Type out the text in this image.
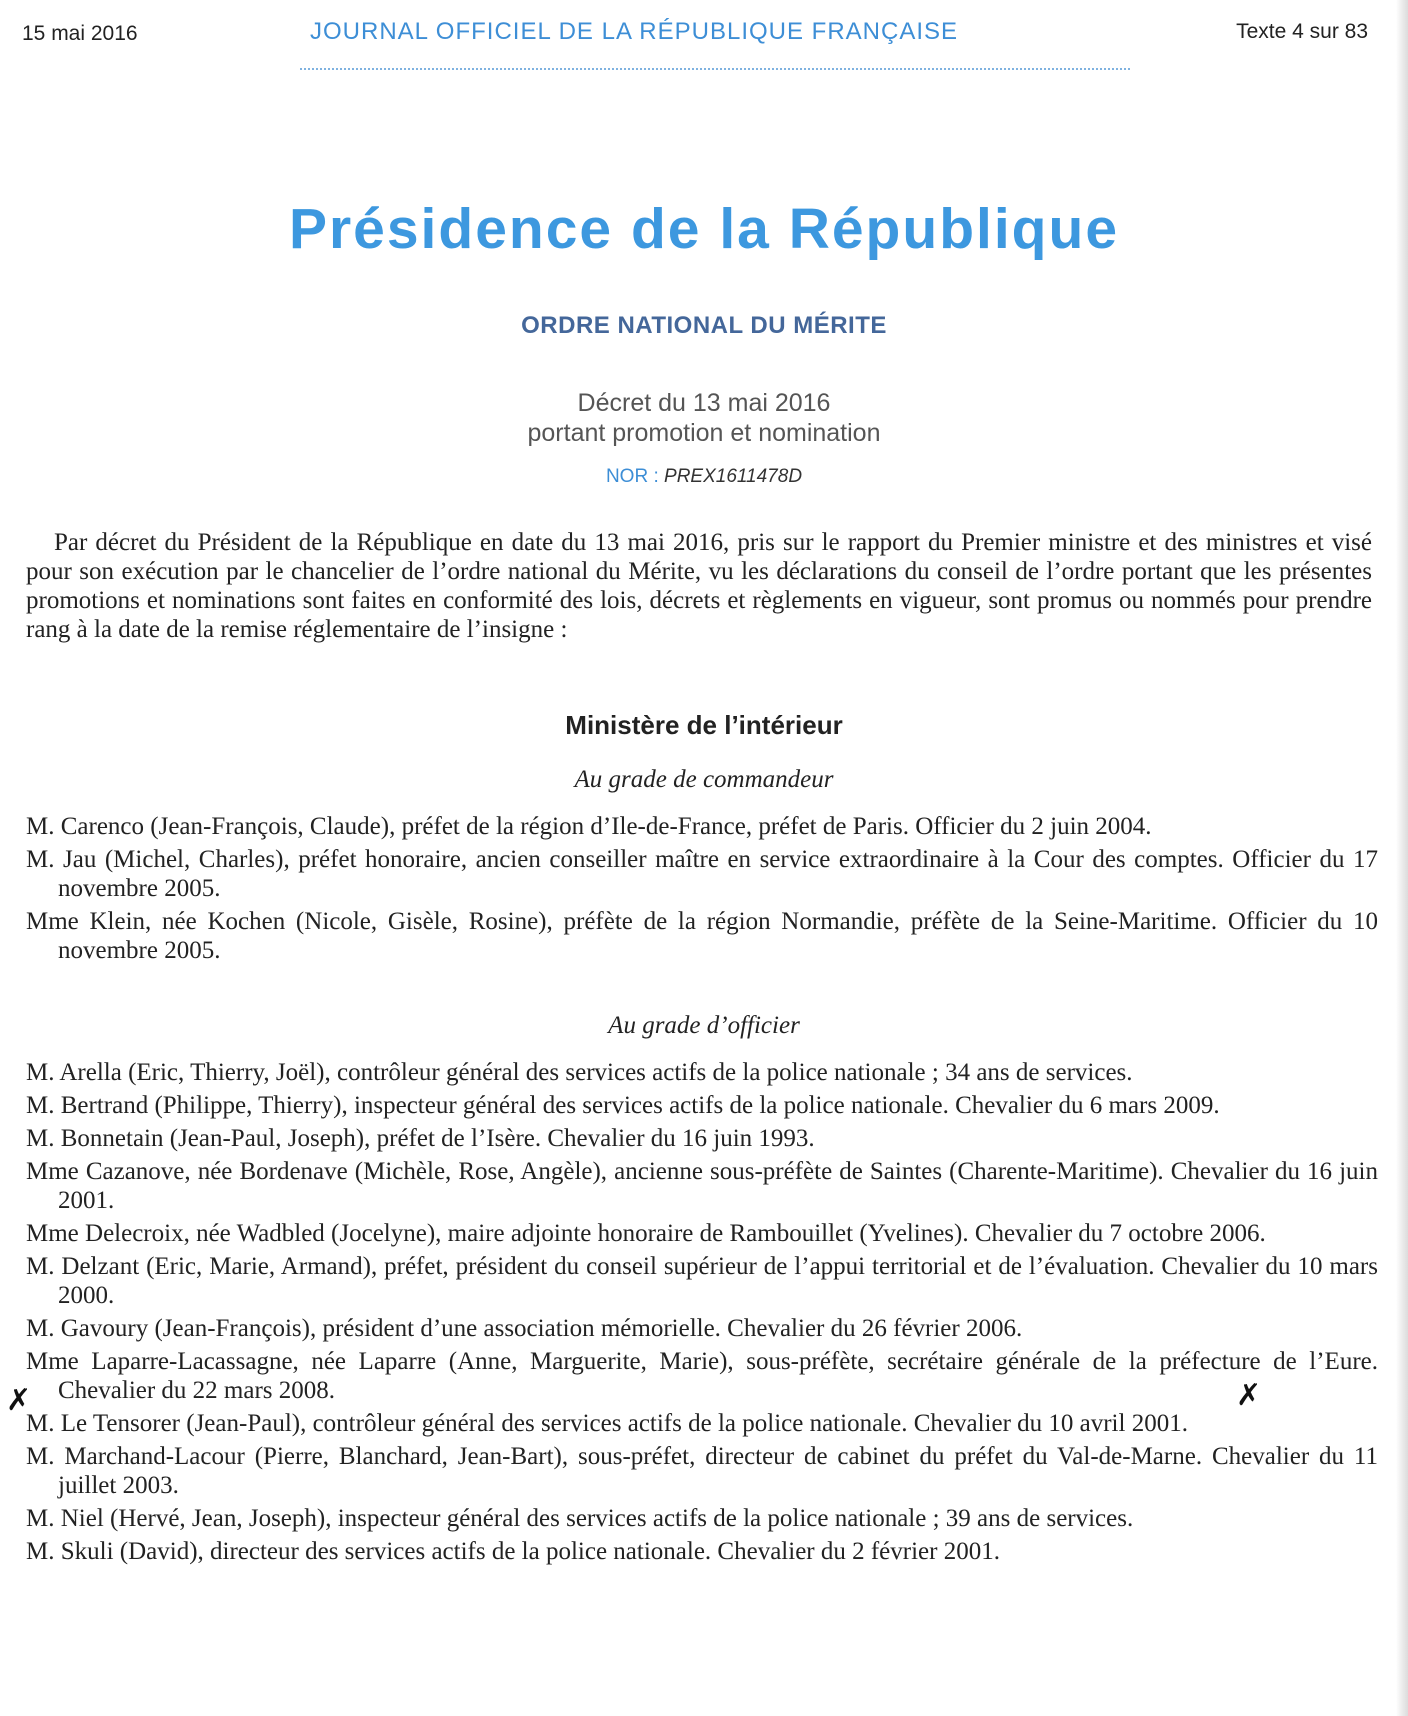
15 mai 2016	JOURNAL OFFICIEL DE LA RÉPUBLIQUE FRANÇAISE	Texte 4 sur 83
Présidence de la République
ORDRE NATIONAL DU MÉRITE
Décret du 13 mai 2016
portant promotion et nomination
NOR : PREX1611478D

Par décret du Président de la République en date du 13 mai 2016, pris sur le rapport du Premier ministre et des ministres et visé pour son exécution par le chancelier de l’ordre national du Mérite, vu les déclarations du conseil de l’ordre portant que les présentes promotions et nominations sont faites en conformité des lois, décrets et règlements en vigueur, sont promus ou nommés pour prendre rang à la date de la remise réglementaire de l’insigne :

Ministère de l’intérieur
Au grade de commandeur
M. Carenco (Jean-François, Claude), préfet de la région d’Ile-de-France, préfet de Paris. Officier du 2 juin 2004.
M. Jau (Michel, Charles), préfet honoraire, ancien conseiller maître en service extraordinaire à la Cour des comptes. Officier du 17 novembre 2005.
Mme Klein, née Kochen (Nicole, Gisèle, Rosine), préfète de la région Normandie, préfète de la Seine-Maritime. Officier du 10 novembre 2005.
Au grade d’officier
M. Arella (Eric, Thierry, Joël), contrôleur général des services actifs de la police nationale ; 34 ans de services.
M. Bertrand (Philippe, Thierry), inspecteur général des services actifs de la police nationale. Chevalier du 6 mars 2009.
M. Bonnetain (Jean-Paul, Joseph), préfet de l’Isère. Chevalier du 16 juin 1993.
Mme Cazanove, née Bordenave (Michèle, Rose, Angèle), ancienne sous-préfète de Saintes (Charente-Maritime). Chevalier du 16 juin 2001.
Mme Delecroix, née Wadbled (Jocelyne), maire adjointe honoraire de Rambouillet (Yvelines). Chevalier du 7 octobre 2006.
M. Delzant (Eric, Marie, Armand), préfet, président du conseil supérieur de l’appui territorial et de l’évaluation. Chevalier du 10 mars 2000.
M. Gavoury (Jean-François), président d’une association mémorielle. Chevalier du 26 février 2006.
Mme Laparre-Lacassagne, née Laparre (Anne, Marguerite, Marie), sous-préfète, secrétaire générale de la préfecture de l’Eure. Chevalier du 22 mars 2008.
M. Le Tensorer (Jean-Paul), contrôleur général des services actifs de la police nationale. Chevalier du 10 avril 2001.
M. Marchand-Lacour (Pierre, Blanchard, Jean-Bart), sous-préfet, directeur de cabinet du préfet du Val-de-Marne. Chevalier du 11 juillet 2003.
M. Niel (Hervé, Jean, Joseph), inspecteur général des services actifs de la police nationale ; 39 ans de services.
M. Skuli (David), directeur des services actifs de la police nationale. Chevalier du 2 février 2001.
✗	✗
